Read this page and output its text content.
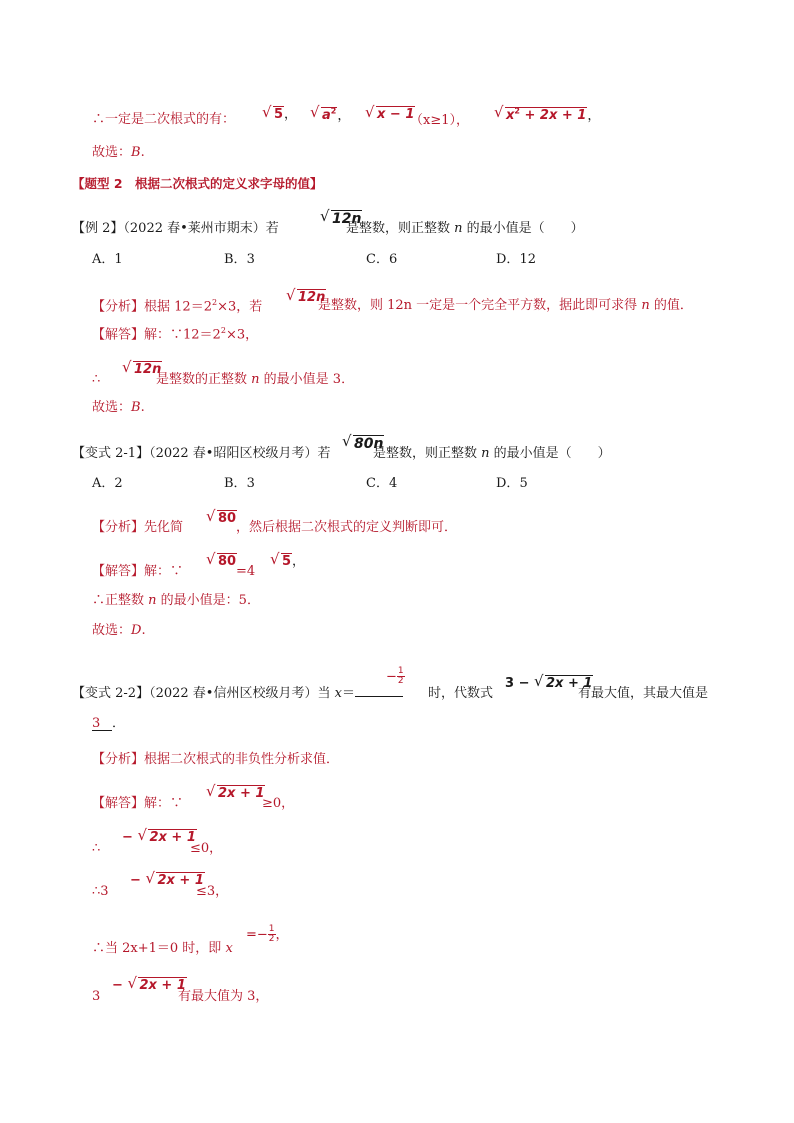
∴一定是二次根式的有：	√ 5，	√ $a^2$，	√ x − 1
（x≥1），	√ $x^2 + 2x + 1$，
故选：B.
【题型 2　根据二次根式的定义求字母的值】
【例 2】（2022 春•莱州市期末）若
√ 12n
是整数，则正整数 n 的最小值是（　　）
A．1	B．3	C．6	D．12
【分析】根据 $12=2^2\times 3$，若
√ 12n
是整数，则 12n 一定是一个完全平方数，据此即可求得 n 的值．
【解答】解：$\because 12=2^2\times 3$，
∴
√ 12n
是整数的正整数 n 的最小值是 3．
故选：B.
【变式 2-1】（2022 春•昭阳区校级月考）若
√ 80n
是整数，则正整数 n 的最小值是（　　）
A．2	B．3	C．4	D．5
【分析】先化简
√ 80
，然后根据二次根式的定义判断即可．
【解答】解：∵
√ 80
=4
√ 5，
∴正整数 n 的最小值是：5．
故选：D.
【变式 2-2】（2022 春•信州区校级月考）当 x＝
− $\frac{1}{2}$
时，代数式
3 − √ 2x + 1
有最大值，其最大值是
3 ．
【分析】根据二次根式的非负性分析求值．
【解答】解：∵
√ 2x + 1
≥0，
∴
− √ 2x + 1
≤0，
∴3
− √ 2x + 1
≤3，
∴当 2x+1＝0 时，即 x
=− $\frac{1}{2}$ ，
3
− √ 2x + 1
有最大值为 3，
